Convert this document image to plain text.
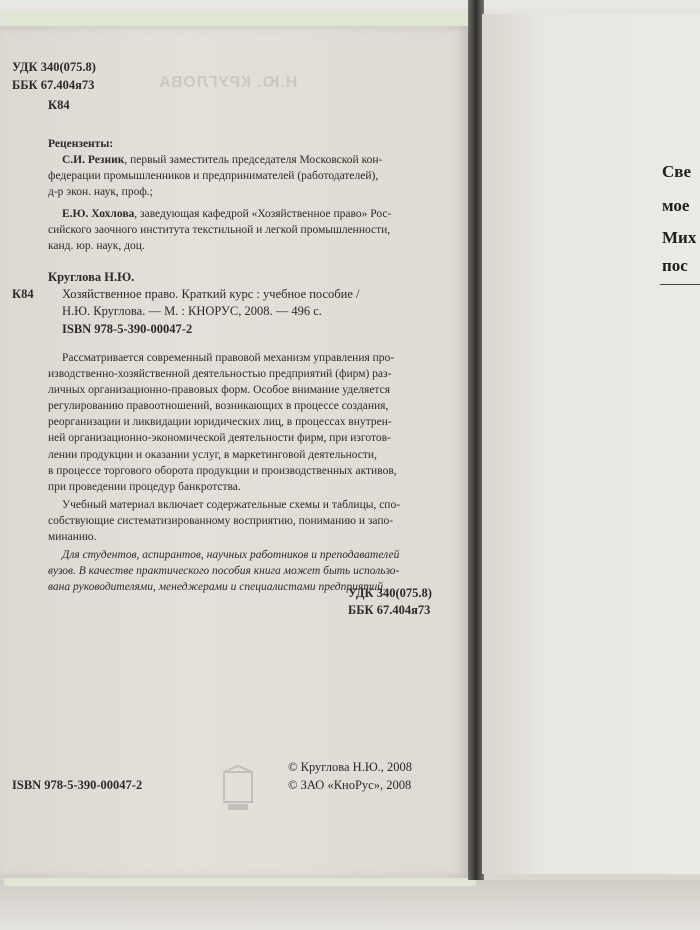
Н.Ю. КРУГЛОВА
УДК 340(075.8)
ББК 67.404я73
К84
Рецензенты:
С.И. Резник, первый заместитель председателя Московской кон-
федерации промышленников и предпринимателей (работодателей),
д-р экон. наук, проф.;
Е.Ю. Хохлова, заведующая кафедрой «Хозяйственное право» Рос-
сийского заочного института текстильной и легкой промышленности,
канд. юр. наук, доц.
Круглова Н.Ю.
К84 Хозяйственное право. Краткий курс : учебное пособие /
Н.Ю. Круглова. — М. : КНОРУС, 2008. — 496 с.
ISBN 978-5-390-00047-2
Рассматривается современный правовой механизм управления про-
изводственно-хозяйственной деятельностью предприятий (фирм) раз-
личных организационно-правовых форм. Особое внимание уделяется
регулированию правоотношений, возникающих в процессе создания,
реорганизации и ликвидации юридических лиц, в процессах внутрен-
ней организационно-экономической деятельности фирм, при изготов-
лении продукции и оказании услуг, в маркетинговой деятельности,
в процессе торгового оборота продукции и производственных активов,
при проведении процедур банкротства.
Учебный материал включает содержательные схемы и таблицы, спо-
собствующие систематизированному восприятию, пониманию и запо-
минанию.
Для студентов, аспирантов, научных работников и преподавателей
вузов. В качестве практического пособия книга может быть использо-
вана руководителями, менеджерами и специалистами предприятий.
УДК 340(075.8)
ББК 67.404я73
ISBN 978-5-390-00047-2
© Круглова Н.Ю., 2008
© ЗАО «КноРус», 2008
Све
мое
Мих
пос
